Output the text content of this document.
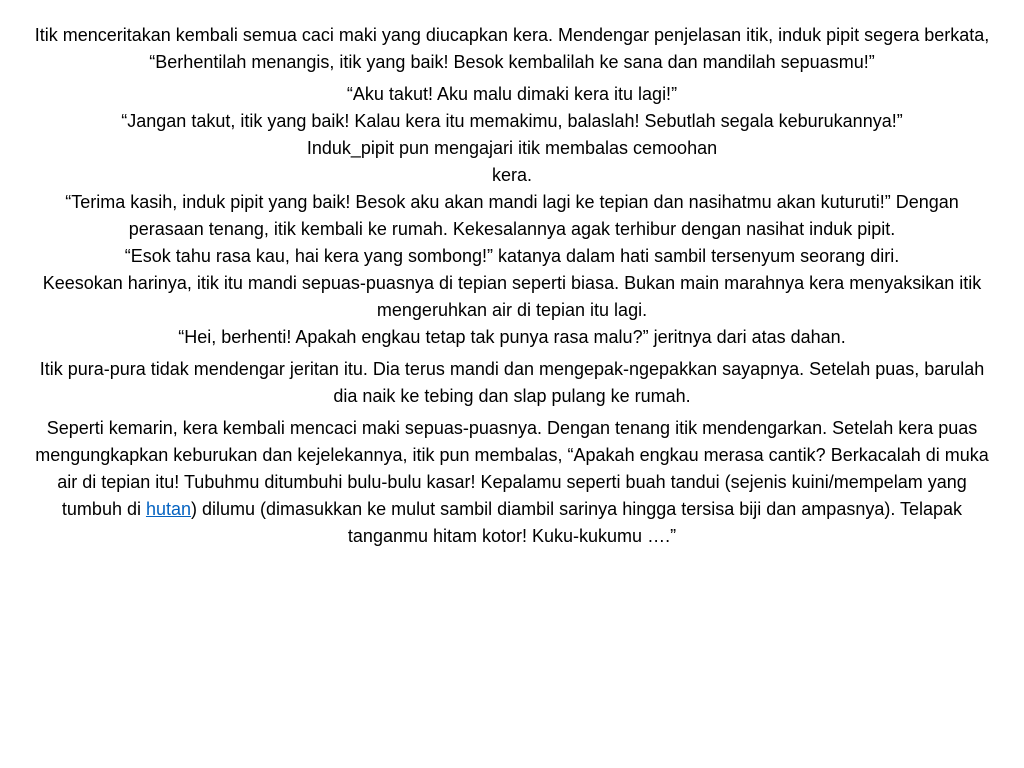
Itik menceritakan kembali semua caci maki yang diucapkan kera. Mendengar penjelasan itik, induk pipit segera berkata, “Berhentilah menangis, itik yang baik! Besok kembalilah ke sana dan mandilah sepuasmu!”

“Aku takut! Aku malu dimaki kera itu lagi!”
“Jangan takut, itik yang baik! Kalau kera itu memakimu, balaslah! Sebutlah segala keburukannya!”
Induk_pipit pun mengajari itik membalas cemoohan
kera.
“Terima kasih, induk pipit yang baik! Besok aku akan mandi lagi ke tepian dan nasihatmu akan kuturuti!” Dengan perasaan tenang, itik kembali ke rumah. Kekesalannya agak terhibur dengan nasihat induk pipit.
“Esok tahu rasa kau, hai kera yang sombong!” katanya dalam hati sambil tersenyum seorang diri.
Keesokan harinya, itik itu mandi sepuas-puasnya di tepian seperti biasa. Bukan main marahnya kera menyaksikan itik mengeruhkan air di tepian itu lagi.
“Hei, berhenti! Apakah engkau tetap tak punya rasa malu?” jeritnya dari atas dahan.

Itik pura-pura tidak mendengar jeritan itu. Dia terus mandi dan mengepak-ngepakkan sayapnya. Setelah puas, barulah dia naik ke tebing dan slap pulang ke rumah.

Seperti kemarin, kera kembali mencaci maki sepuas-puasnya. Dengan tenang itik mendengarkan. Setelah kera puas mengungkapkan keburukan dan kejelekannya, itik pun membalas, “Apakah engkau merasa cantik? Berkacalah di muka air di tepian itu! Tubuhmu ditumbuhi bulu-bulu kasar! Kepalamu seperti buah tandui (sejenis kuini/mempelam yang tumbuh di hutan) dilumu (dimasukkan ke mulut sambil diambil sarinya hingga tersisa biji dan ampasnya). Telapak tanganmu hitam kotor! Kuku-kukumu ….”
